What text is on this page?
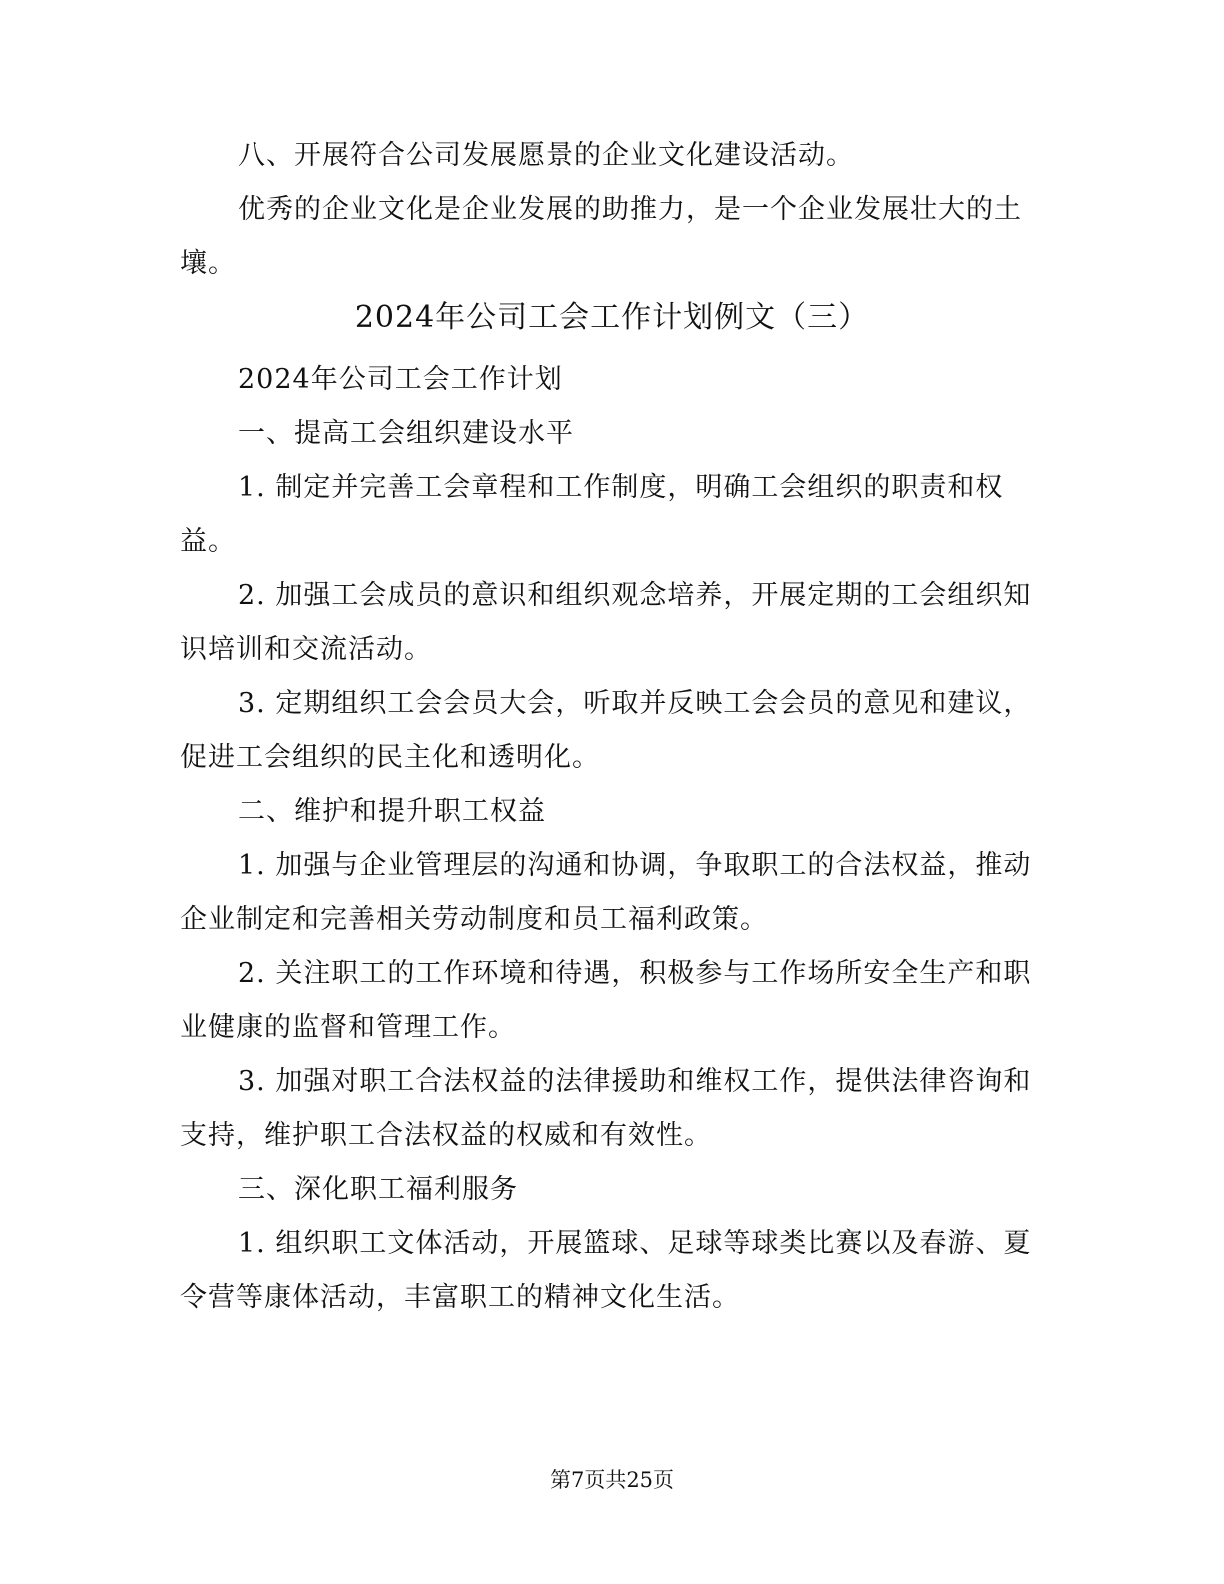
八、开展符合公司发展愿景的企业文化建设活动。
优秀的企业文化是企业发展的助推力，是一个企业发展壮大的土
壤。
2024年公司工会工作计划例文（三）
2024年公司工会工作计划
一、提高工会组织建设水平
1. 制定并完善工会章程和工作制度，明确工会组织的职责和权
益。
2. 加强工会成员的意识和组织观念培养，开展定期的工会组织知
识培训和交流活动。
3. 定期组织工会会员大会，听取并反映工会会员的意见和建议，
促进工会组织的民主化和透明化。
二、维护和提升职工权益
1. 加强与企业管理层的沟通和协调，争取职工的合法权益，推动
企业制定和完善相关劳动制度和员工福利政策。
2. 关注职工的工作环境和待遇，积极参与工作场所安全生产和职
业健康的监督和管理工作。
3. 加强对职工合法权益的法律援助和维权工作，提供法律咨询和
支持，维护职工合法权益的权威和有效性。
三、深化职工福利服务
1. 组织职工文体活动，开展篮球、足球等球类比赛以及春游、夏
令营等康体活动，丰富职工的精神文化生活。
第7页共25页
